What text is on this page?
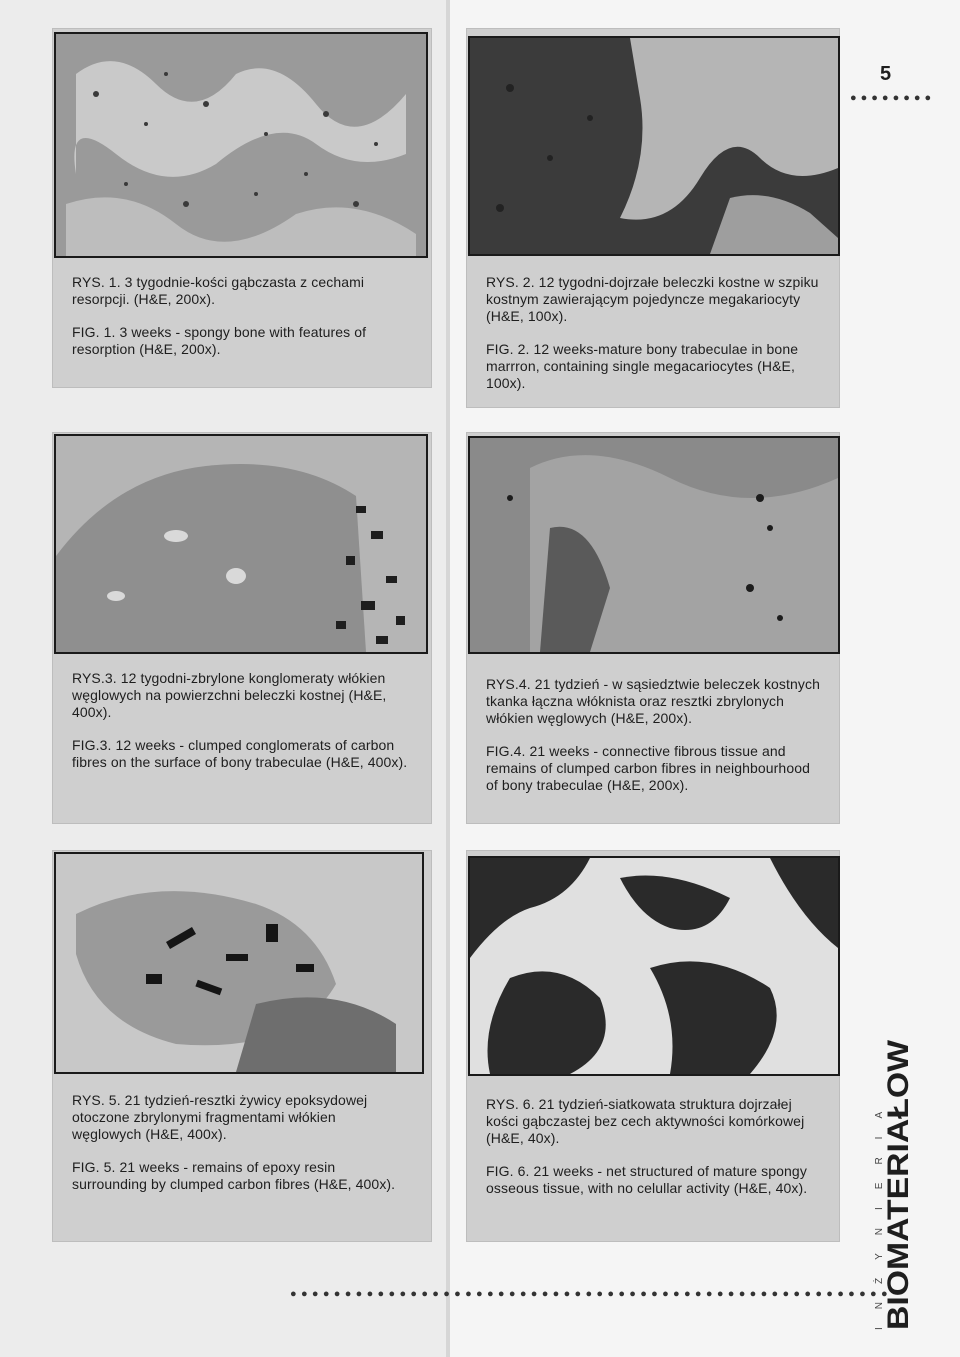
RYS. 1. 3 tygodnie-kości gąbczasta z cechami resorpcji. (H&E, 200x).

FIG. 1. 3 weeks - spongy bone with features of resorption (H&E, 200x).

RYS. 2. 12 tygodni-dojrzałe beleczki kostne w szpiku kostnym zawierającym pojedyncze megakariocyty (H&E, 100x).

FIG. 2. 12 weeks-mature bony trabeculae in bone marrron, containing single megacariocytes (H&E, 100x).

RYS.3. 12 tygodni-zbrylone konglomeraty włókien węglowych na powierzchni beleczki kostnej (H&E, 400x).

FIG.3. 12 weeks - clumped conglomerats of carbon fibres on the surface of bony trabeculae (H&E, 400x).

RYS.4. 21 tydzień - w sąsiedztwie beleczek kostnych tkanka łączna włóknista oraz resztki zbrylonych włókien węglowych (H&E, 200x).

FIG.4. 21 weeks - connective fibrous tissue and remains of clumped carbon fibres in neighbourhood of bony trabeculae (H&E, 200x).

RYS. 5. 21 tydzień-resztki żywicy epoksydowej otoczone zbrylonymi fragmentami włókien węglowych (H&E, 400x).

FIG. 5. 21 weeks - remains of epoxy resin surrounding by clumped carbon fibres (H&E, 400x).

RYS. 6. 21 tydzień-siatkowata struktura dojrzałej kości gąbczastej bez cech aktywności komórkowej (H&E, 40x).

FIG. 6. 21 weeks - net structured of mature spongy osseous tissue, with no celullar activity (H&E, 40x).

5
●●●●●●●●
●●●●●●●●●●●●●●●●●●●●●●●●●●●●●●●●●●●●●●●●●●●●●●●●●●●●●●●
BIOMATERIAŁOW
INŻYNIERIA
